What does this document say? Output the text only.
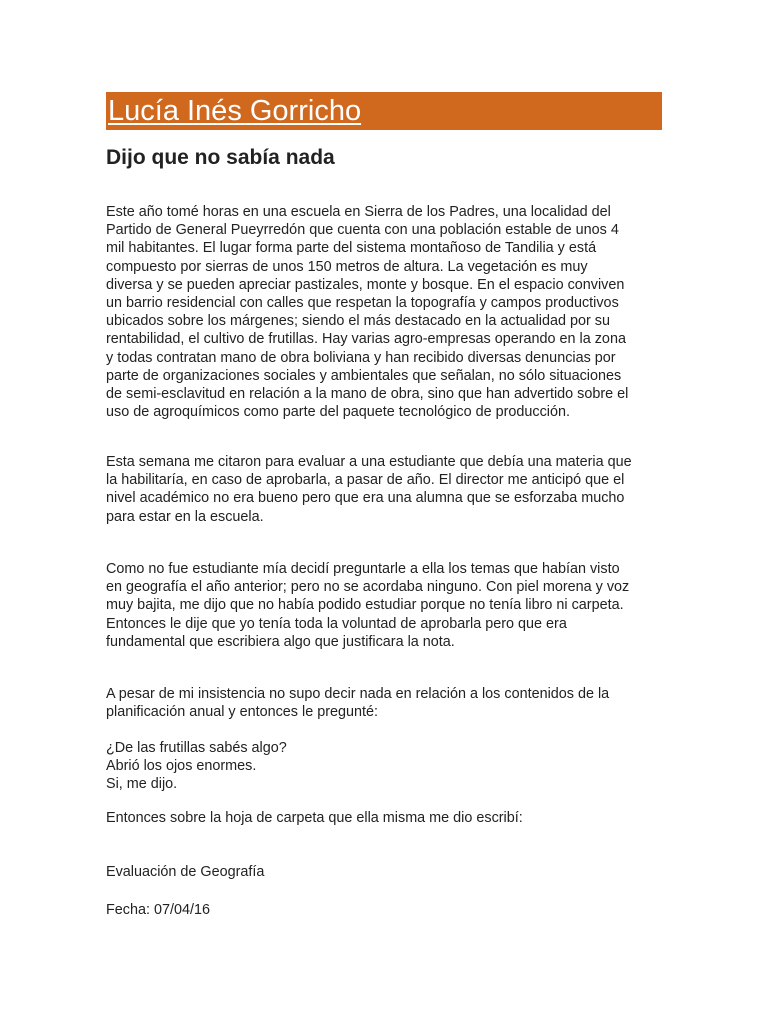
Lucía Inés Gorricho
Dijo que no sabía nada

Este año tomé horas en una escuela en Sierra de los Padres, una localidad del
Partido de General Pueyrredón que cuenta con una población estable de unos 4
mil habitantes. El lugar forma parte del sistema montañoso de Tandilia y está
compuesto por sierras de unos 150 metros de altura. La vegetación es muy
diversa y se pueden apreciar pastizales, monte y bosque. En el espacio conviven
un barrio residencial con calles que respetan la topografía y campos productivos
ubicados sobre los márgenes; siendo el más destacado en la actualidad por su
rentabilidad, el cultivo de frutillas. Hay varias agro-empresas operando en la zona
y todas contratan mano de obra boliviana y han recibido diversas denuncias por
parte de organizaciones sociales y ambientales que señalan, no sólo situaciones
de semi-esclavitud en relación a la mano de obra, sino que han advertido sobre el
uso de agroquímicos como parte del paquete tecnológico de producción.

Esta semana me citaron para evaluar a una estudiante que debía una materia que
la habilitaría, en caso de aprobarla, a pasar de año. El director me anticipó que el
nivel académico no era bueno pero que era una alumna que se esforzaba mucho
para estar en la escuela.

Como no fue estudiante mía decidí preguntarle a ella los temas que habían visto
en geografía el año anterior; pero no se acordaba ninguno. Con piel morena y voz
muy bajita, me dijo que no había podido estudiar porque no tenía libro ni carpeta.
Entonces le dije que yo tenía toda la voluntad de aprobarla pero que era
fundamental que escribiera algo que justificara la nota.

A pesar de mi insistencia no supo decir nada en relación a los contenidos de la
planificación anual y entonces le pregunté:

¿De las frutillas sabés algo?
Abrió los ojos enormes.
Si, me dijo.

Entonces sobre la hoja de carpeta que ella misma me dio escribí:

Evaluación de Geografía

Fecha: 07/04/16
